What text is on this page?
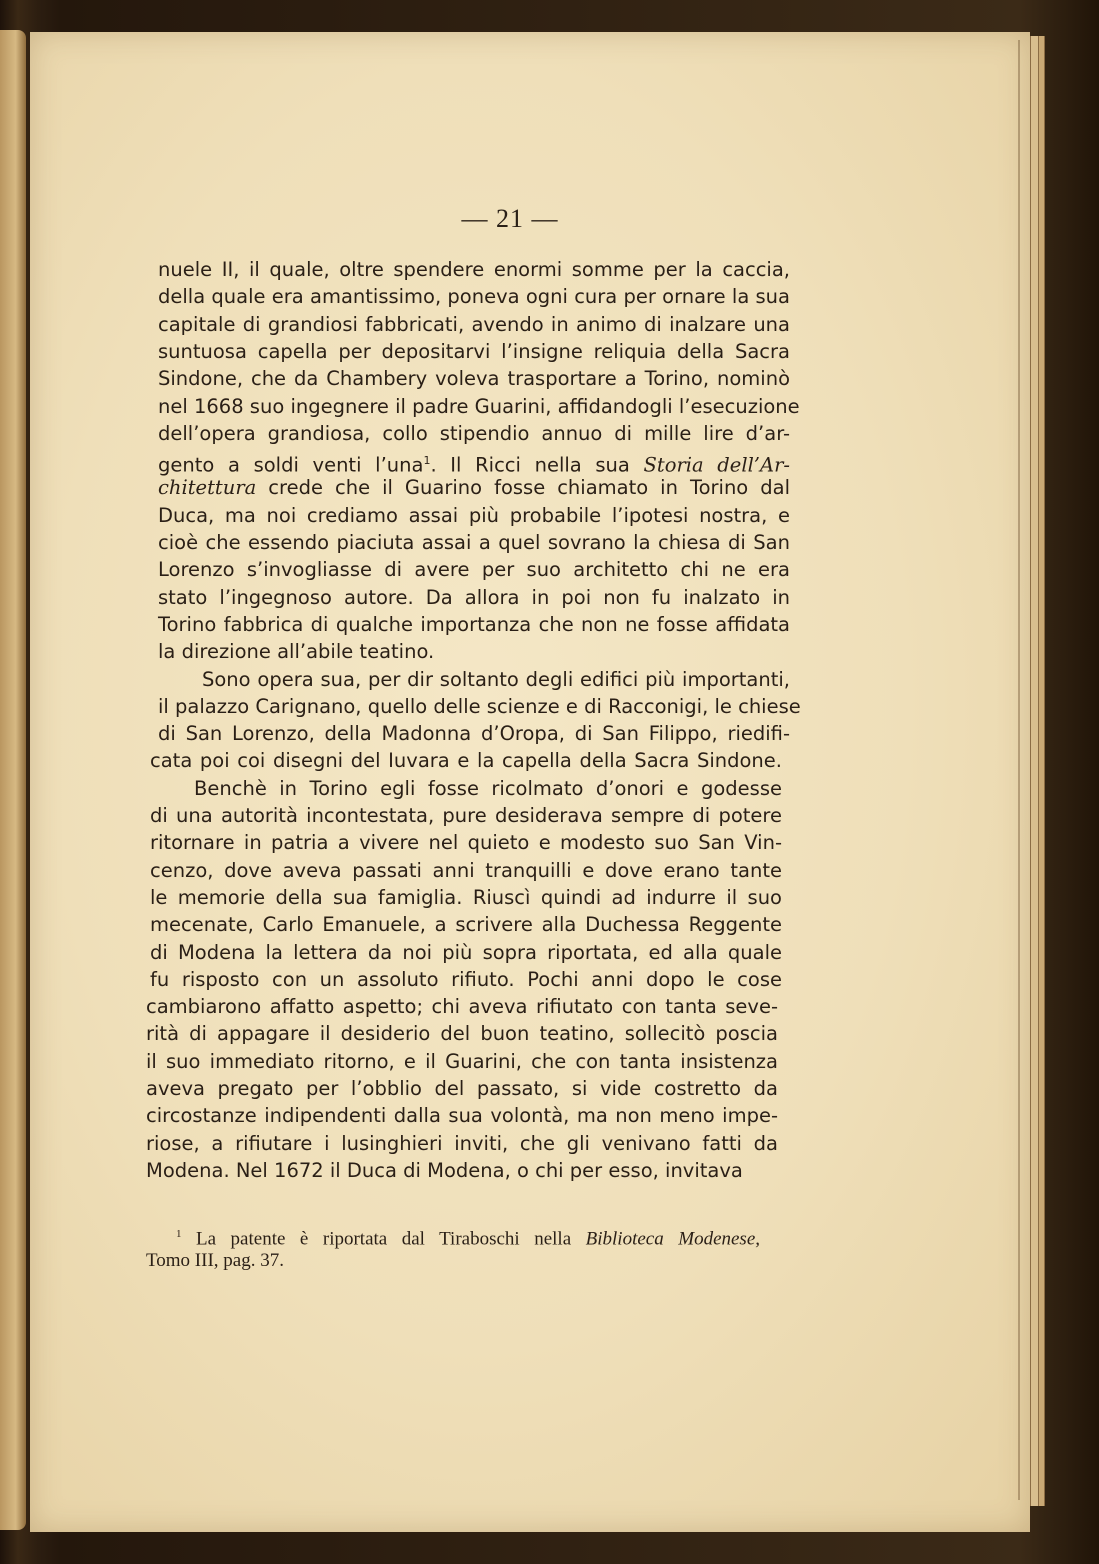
— 21 —
nuele II, il quale, oltre spendere enormi somme per la caccia,
della quale era amantissimo, poneva ogni cura per ornare la sua
capitale di grandiosi fabbricati, avendo in animo di inalzare una
suntuosa capella per depositarvi l’insigne reliquia della Sacra
Sindone, che da Chambery voleva trasportare a Torino, nominò
nel 1668 suo ingegnere il padre Guarini, affidandogli l’esecuzione
dell’opera grandiosa, collo stipendio annuo di mille lire d’ar-
gento a soldi venti l’una$^1$. Il Ricci nella sua Storia dell’Ar-
chitettura crede che il Guarino fosse chiamato in Torino dal
Duca, ma noi crediamo assai più probabile l’ipotesi nostra, e
cioè che essendo piaciuta assai a quel sovrano la chiesa di San
Lorenzo s’invogliasse di avere per suo architetto chi ne era
stato l’ingegnoso autore. Da allora in poi non fu inalzato in
Torino fabbrica di qualche importanza che non ne fosse affidata
la direzione all’abile teatino.
Sono opera sua, per dir soltanto degli edifici più importanti,
il palazzo Carignano, quello delle scienze e di Racconigi, le chiese
di San Lorenzo, della Madonna d’Oropa, di San Filippo, riedifi-
cata poi coi disegni del Iuvara e la capella della Sacra Sindone.
Benchè in Torino egli fosse ricolmato d’onori e godesse
di una autorità incontestata, pure desiderava sempre di potere
ritornare in patria a vivere nel quieto e modesto suo San Vin-
cenzo, dove aveva passati anni tranquilli e dove erano tante
le memorie della sua famiglia. Riuscì quindi ad indurre il suo
mecenate, Carlo Emanuele, a scrivere alla Duchessa Reggente
di Modena la lettera da noi più sopra riportata, ed alla quale
fu risposto con un assoluto rifiuto. Pochi anni dopo le cose
cambiarono affatto aspetto; chi aveva rifiutato con tanta seve-
rità di appagare il desiderio del buon teatino, sollecitò poscia
il suo immediato ritorno, e il Guarini, che con tanta insistenza
aveva pregato per l’obblio del passato, si vide costretto da
circostanze indipendenti dalla sua volontà, ma non meno impe-
riose, a rifiutare i lusinghieri inviti, che gli venivano fatti da
Modena. Nel 1672 il Duca di Modena, o chi per esso, invitava
$^1$ La patente è riportata dal Tiraboschi nella Biblioteca Modenese,
Tomo III, pag. 37.
